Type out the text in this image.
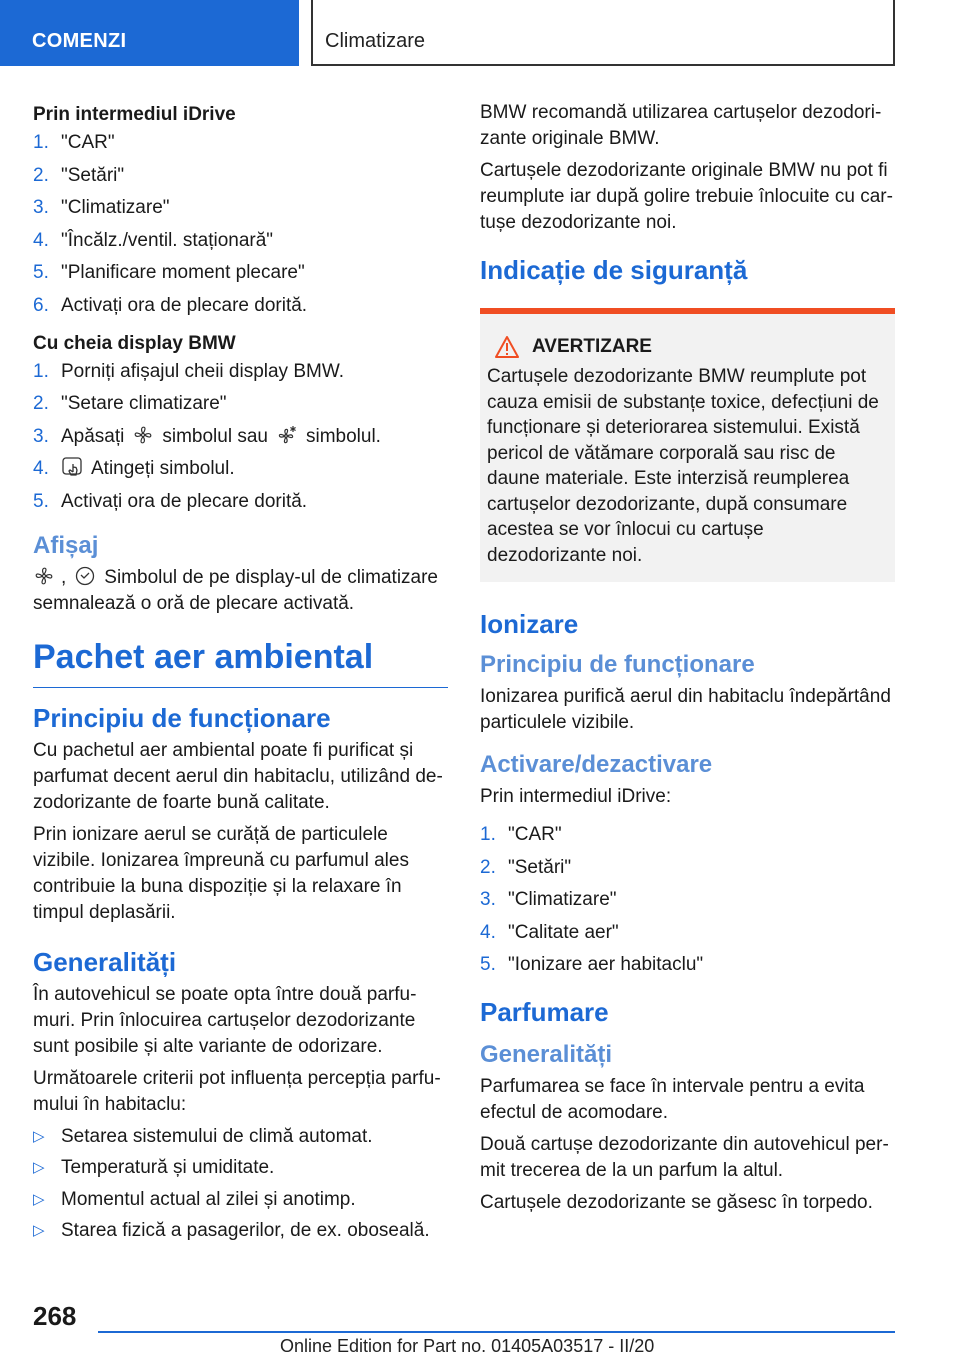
COMENZI	Climatizare
Prin intermediul iDrive
1. "CAR"
2. "Setări"
3. "Climatizare"
4. "Încălz./ventil. staționară"
5. "Planificare moment plecare"
6. Activați ora de plecare dorită.
Cu cheia display BMW
1. Porniți afișajul cheii display BMW.
2. "Setare climatizare"
3. Apăsați simbolul sau simbolul.
4. Atingeți simbolul.
5. Activați ora de plecare dorită.
Afișaj
, Simbolul de pe display-ul de climatizare semnalează o oră de plecare activată.
Pachet aer ambiental
Principiu de funcționare
Cu pachetul aer ambiental poate fi purificat și parfumat decent aerul din habitaclu, utilizând dezodorizante de foarte bună calitate.
Prin ionizare aerul se curăță de particulele vizibile. Ionizarea împreună cu parfumul ales contribuie la buna dispoziție și la relaxare în timpul deplasării.
Generalități
În autovehicul se poate opta între două parfumuri. Prin înlocuirea cartușelor dezodorizante sunt posibile și alte variante de odorizare.
Următoarele criterii pot influența percepția parfumului în habitaclu:
▷ Setarea sistemului de climă automat.
▷ Temperatură și umiditate.
▷ Momentul actual al zilei și anotimp.
▷ Starea fizică a pasagerilor, de ex. oboseală.
BMW recomandă utilizarea cartușelor dezodorizante originale BMW.
Cartușele dezodorizante originale BMW nu pot fi reumplute iar după golire trebuie înlocuite cu cartușe dezodorizante noi.
Indicație de siguranță
AVERTIZARE
Cartușele dezodorizante BMW reumplute pot cauza emisii de substanțe toxice, defecțiuni de funcționare și deteriorarea sistemului. Există pericol de vătămare corporală sau risc de daune materiale. Este interzisă reumplerea cartușelor dezodorizante, după consumare acestea se vor înlocui cu cartușe dezodorizante noi.
Ionizare
Principiu de funcționare
Ionizarea purifică aerul din habitaclu îndepărtând particulele vizibile.
Activare/dezactivare
Prin intermediul iDrive:
1. "CAR"
2. "Setări"
3. "Climatizare"
4. "Calitate aer"
5. "Ionizare aer habitaclu"
Parfumare
Generalități
Parfumarea se face în intervale pentru a evita efectul de acomodare.
Două cartușe dezodorizante din autovehicul permit trecerea de la un parfum la altul.
Cartușele dezodorizante se găsesc în torpedo.
268
Online Edition for Part no. 01405A03517 - II/20
